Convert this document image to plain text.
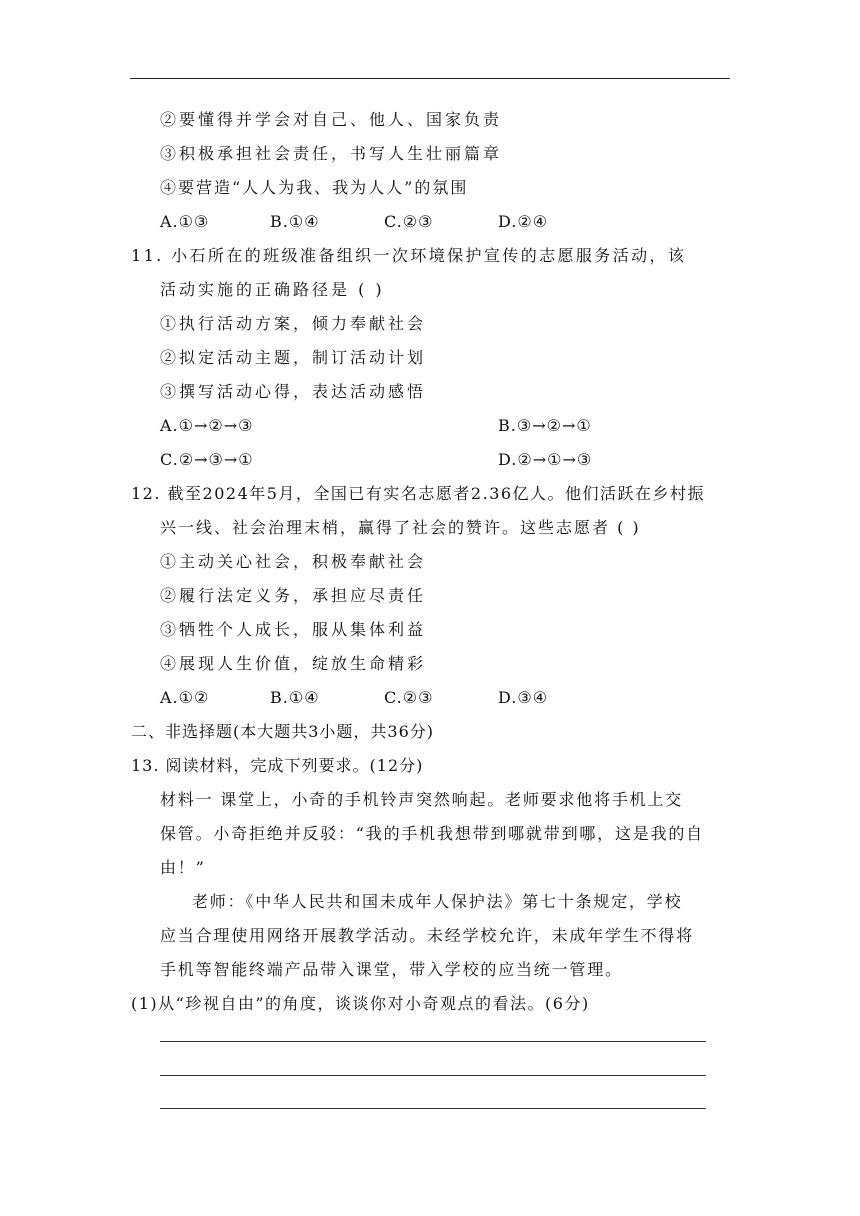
②要懂得并学会对自己、他人、国家负责
③积极承担社会责任，书写人生壮丽篇章
④要营造“人人为我、我为人人”的氛围
A.①③	B.①④	C.②③	D.②④
11. 小石所在的班级准备组织一次环境保护宣传的志愿服务活动，该
活动实施的正确路径是 ( )
①执行活动方案，倾力奉献社会
②拟定活动主题，制订活动计划
③撰写活动心得，表达活动感悟
A.①→②→③	B.③→②→①
C.②→③→①	D.②→①→③
12. 截至2024年5月，全国已有实名志愿者2.36亿人。他们活跃在乡村振
兴一线、社会治理末梢，赢得了社会的赞许。这些志愿者 ( )
①主动关心社会，积极奉献社会
②履行法定义务，承担应尽责任
③牺牲个人成长，服从集体利益
④展现人生价值，绽放生命精彩
A.①②	B.①④	C.②③	D.③④
二、非选择题(本大题共3小题，共36分)
13. 阅读材料，完成下列要求。(12分)
材料一 课堂上，小奇的手机铃声突然响起。老师要求他将手机上交
保管。小奇拒绝并反驳：“我的手机我想带到哪就带到哪，这是我的自
由！”
老师：《中华人民共和国未成年人保护法》第七十条规定，学校
应当合理使用网络开展教学活动。未经学校允许，未成年学生不得将
手机等智能终端产品带入课堂，带入学校的应当统一管理。
(1)从“珍视自由”的角度，谈谈你对小奇观点的看法。(6分)
